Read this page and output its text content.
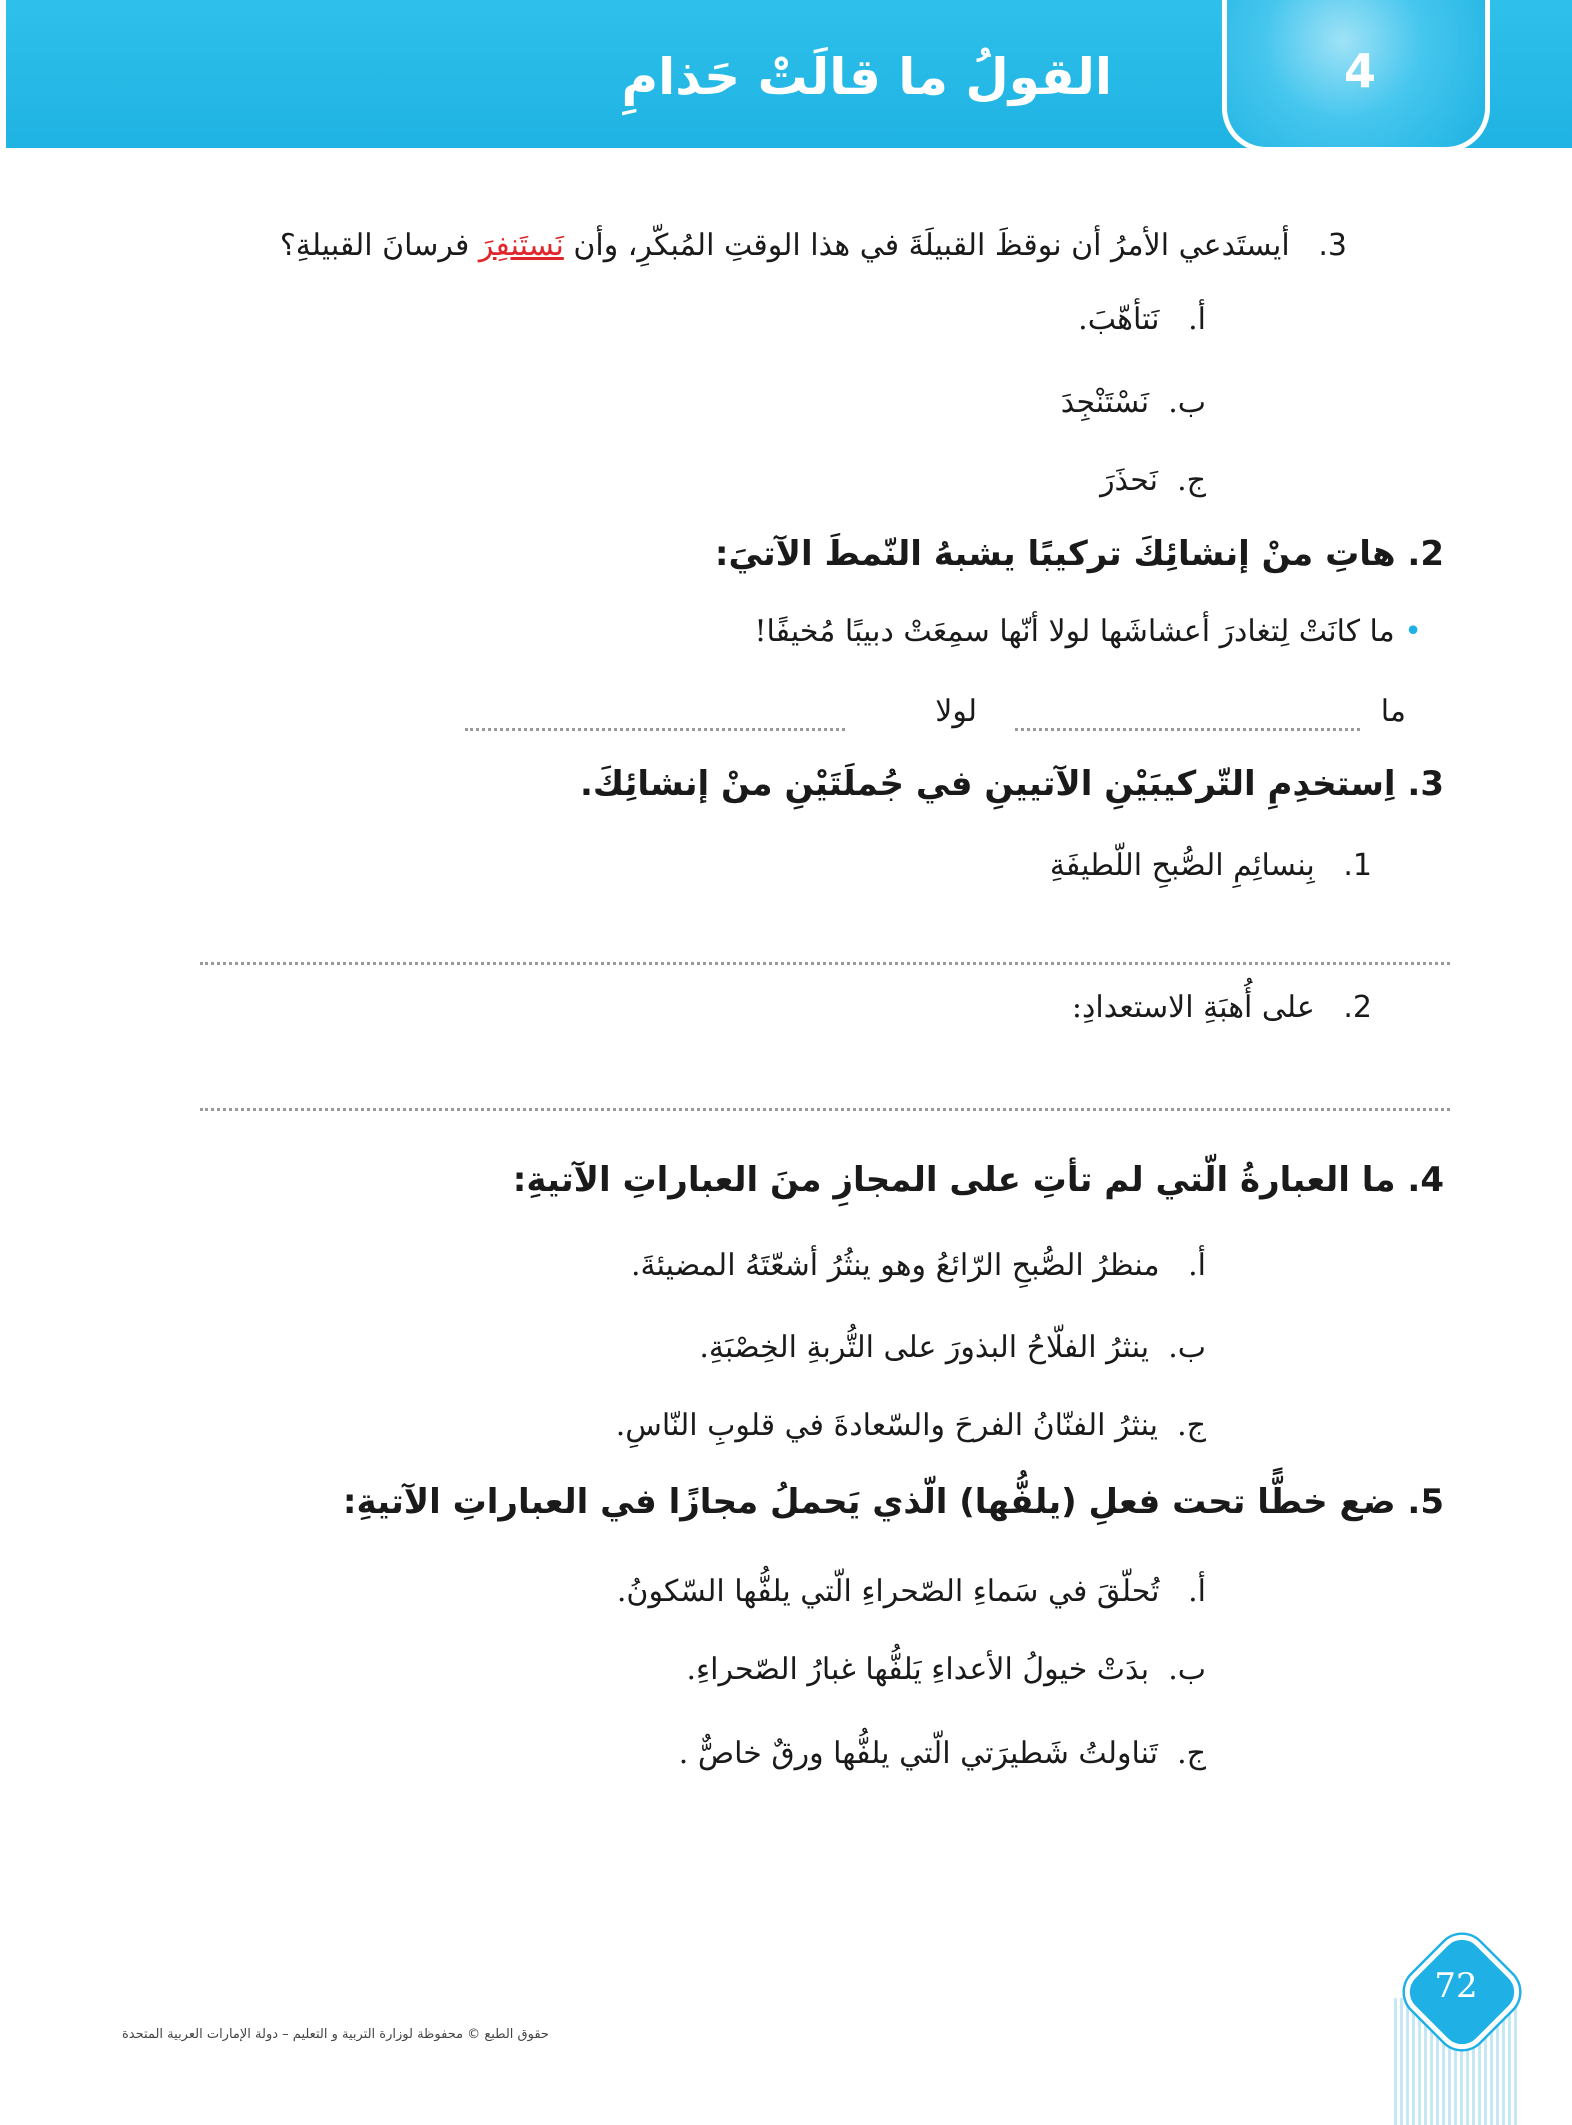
القولُ ما قالَتْ حَذامِ	4
3.   أيستَدعي الأمرُ أن نوقظَ القبيلَةَ في هذا الوقتِ المُبكّرِ، وأن نَستَنفِرَ فرسانَ القبيلةِ؟
أ.   نَتأهّبَ.
ب.  نَسْتَنْجِدَ
ج.  نَحذَرَ
2. هاتِ منْ إنشائِكَ تركيبًا يشبهُ النّمطَ الآتيَ:
• ما كانَتْ لِتغادرَ أعشاشَها لولا أنّها سمِعَتْ دبيبًا مُخيفًا!
ما
لولا
3. اِستخدِمِ التّركيبَيْنِ الآتيينِ في جُملَتَيْنِ منْ إنشائِكَ.
1.   بِنسائِمِ الصُّبحِ اللّطيفَةِ
2.   على أُهبَةِ الاستعدادِ:
4. ما العبارةُ الّتي لم تأتِ على المجازِ منَ العباراتِ الآتيةِ:
أ.   منظرُ الصُّبحِ الرّائعُ وهو ينثُرُ أشعّتَهُ المضيئةَ.
ب.  ينثرُ الفلّاحُ البذورَ على التُّربةِ الخِصْبَةِ.
ج.  ينثرُ الفنّانُ الفرحَ والسّعادةَ في قلوبِ النّاسِ.
5. ضع خطًّا تحت فعلِ (يلفُّها) الّذي يَحملُ مجازًا في العباراتِ الآتيةِ:
أ.   تُحلّقَ في سَماءِ الصّحراءِ الّتي يلفُّها السّكونُ.
ب.  بدَتْ خيولُ الأعداءِ يَلفُّها غبارُ الصّحراءِ.
ج.  تَناولتُ شَطيرَتي الّتي يلفُّها ورقٌ خاصٌّ .
حقوق الطبع © محفوظة لوزارة التربية و التعليم – دولة الإمارات العربية المتحدة
72
